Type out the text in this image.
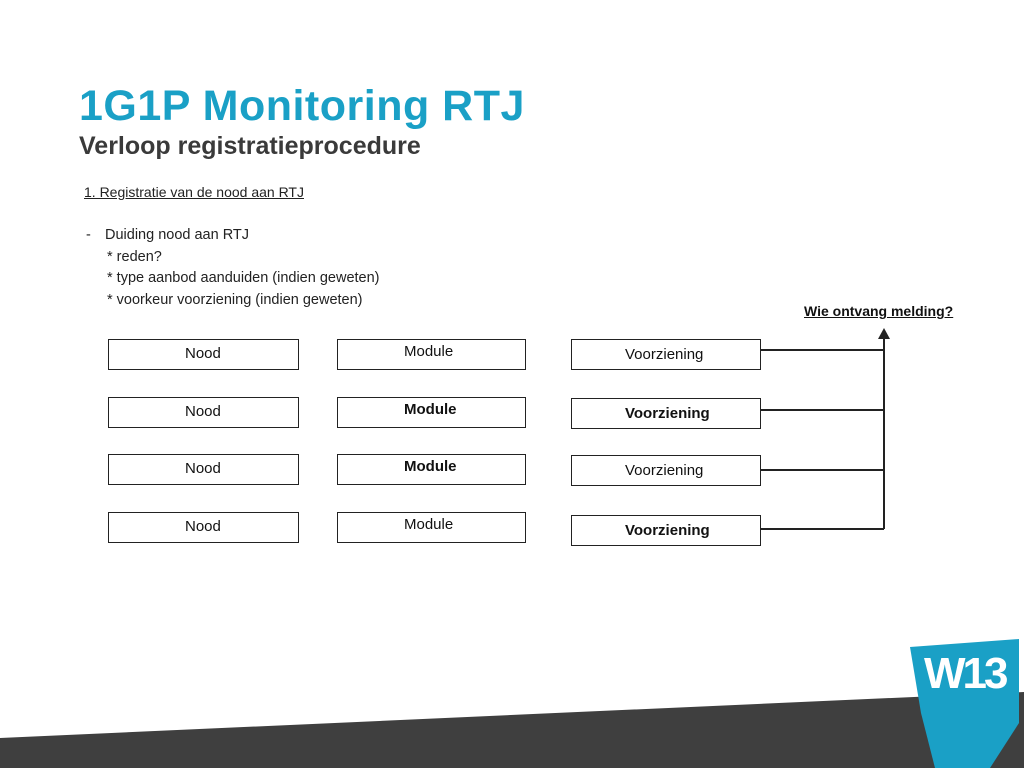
1G1P Monitoring RTJ
Verloop registratieprocedure
1. Registratie van de nood aan RTJ
- Duiding nood aan RTJ
* reden?
* type aanbod aanduiden (indien geweten)
* voorkeur voorziening (indien geweten)
Wie ontvang melding?
Nood	Module	Voorziening
Nood	Module	Voorziening
Nood	Module	Voorziening
Nood	Module	Voorziening
W13
